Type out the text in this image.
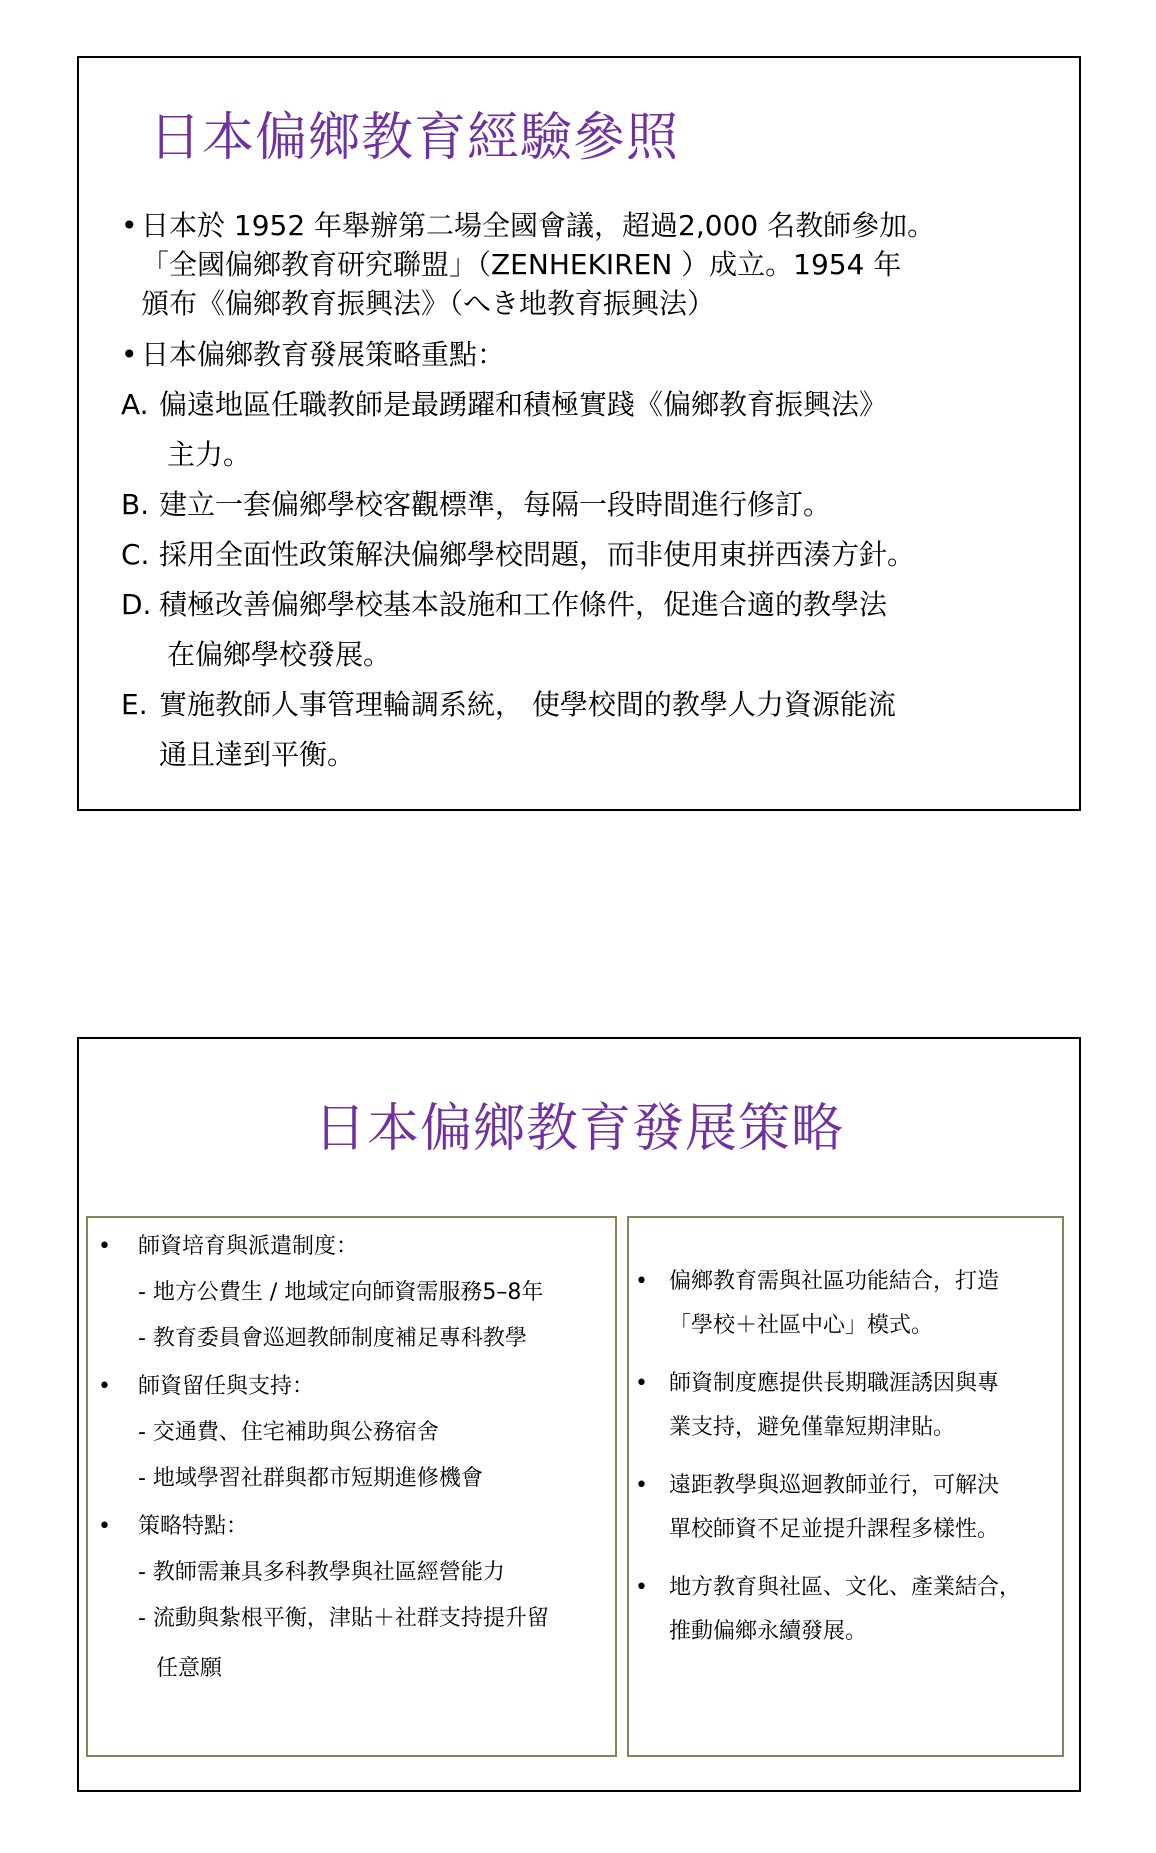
日本偏鄉教育經驗參照
• 日本於 1952 年舉辦第二場全國會議，超過2,000 名教師參加。
「全國偏鄉教育研究聯盟」（ZENHEKIREN ）成立。1954 年
頒布《偏鄉教育振興法》（へき地教育振興法）
• 日本偏鄉教育發展策略重點：
A. 偏遠地區任職教師是最踴躍和積極實踐《偏鄉教育振興法》
主力。
B. 建立一套偏鄉學校客觀標準，每隔一段時間進行修訂。
C. 採用全面性政策解決偏鄉學校問題，而非使用東拼西湊方針。
D. 積極改善偏鄉學校基本設施和工作條件，促進合適的教學法
在偏鄉學校發展。
E. 實施教師人事管理輪調系統， 使學校間的教學人力資源能流
通且達到平衡。
日本偏鄉教育發展策略
•	師資培育與派遣制度：
- 地方公費生 / 地域定向師資需服務5–8年
- 教育委員會巡迴教師制度補足專科教學
•	師資留任與支持：
- 交通費、住宅補助與公務宿舍
- 地域學習社群與都市短期進修機會
•	策略特點：
- 教師需兼具多科教學與社區經營能力
- 流動與紮根平衡，津貼＋社群支持提升留
任意願
• 偏鄉教育需與社區功能結合，打造
「學校＋社區中心」模式。
• 師資制度應提供長期職涯誘因與專
業支持，避免僅靠短期津貼。
• 遠距教學與巡迴教師並行，可解決
單校師資不足並提升課程多樣性。
• 地方教育與社區、文化、產業結合，
推動偏鄉永續發展。
